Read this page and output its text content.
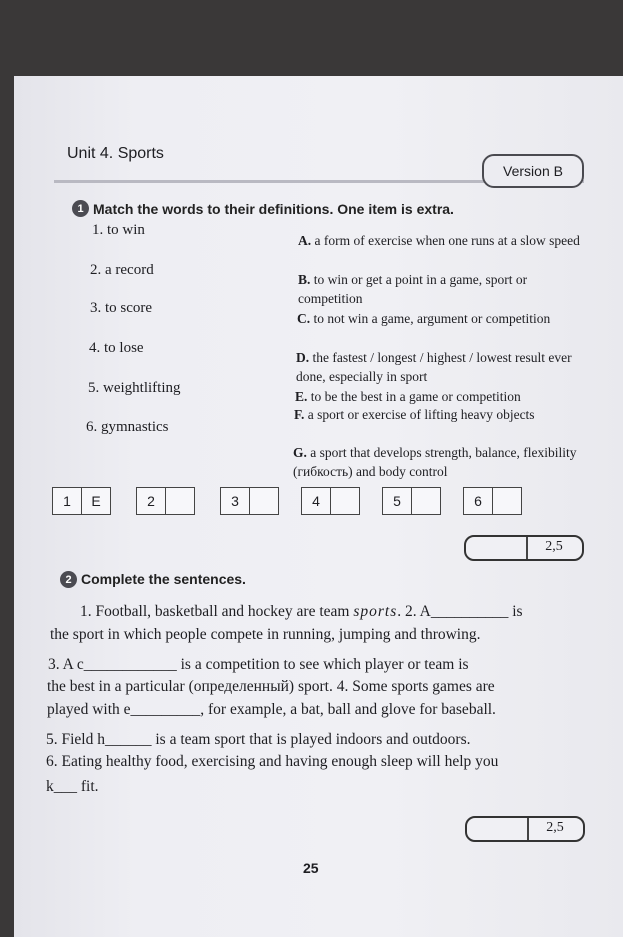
Unit 4. Sports
Version B
1 Match the words to their definitions. One item is extra.
1. to win
2. a record
3. to score
4. to lose
5. weightlifting
6. gymnastics
A. a form of exercise when one runs at a slow speed
B. to win or get a point in a game, sport or competition
C. to not win a game, argument or competition
D. the fastest / longest / highest / lowest result ever done, especially in sport
E. to be the best in a game or competition
F. a sport or exercise of lifting heavy objects
G. a sport that develops strength, balance, flexibility (гибкость) and body control
1	E	2	3	4	5	6
2,5
2 Complete the sentences.
1. Football, basketball and hockey are team sports. 2. A__________ is
the sport in which people compete in running, jumping and throwing.
3. A c____________ is a competition to see which player or team is
the best in a particular (определенный) sport. 4. Some sports games are
played with e_________, for example, a bat, ball and glove for baseball.
5. Field h______ is a team sport that is played indoors and outdoors.
6. Eating healthy food, exercising and having enough sleep will help you
k___ fit.
2,5
25
